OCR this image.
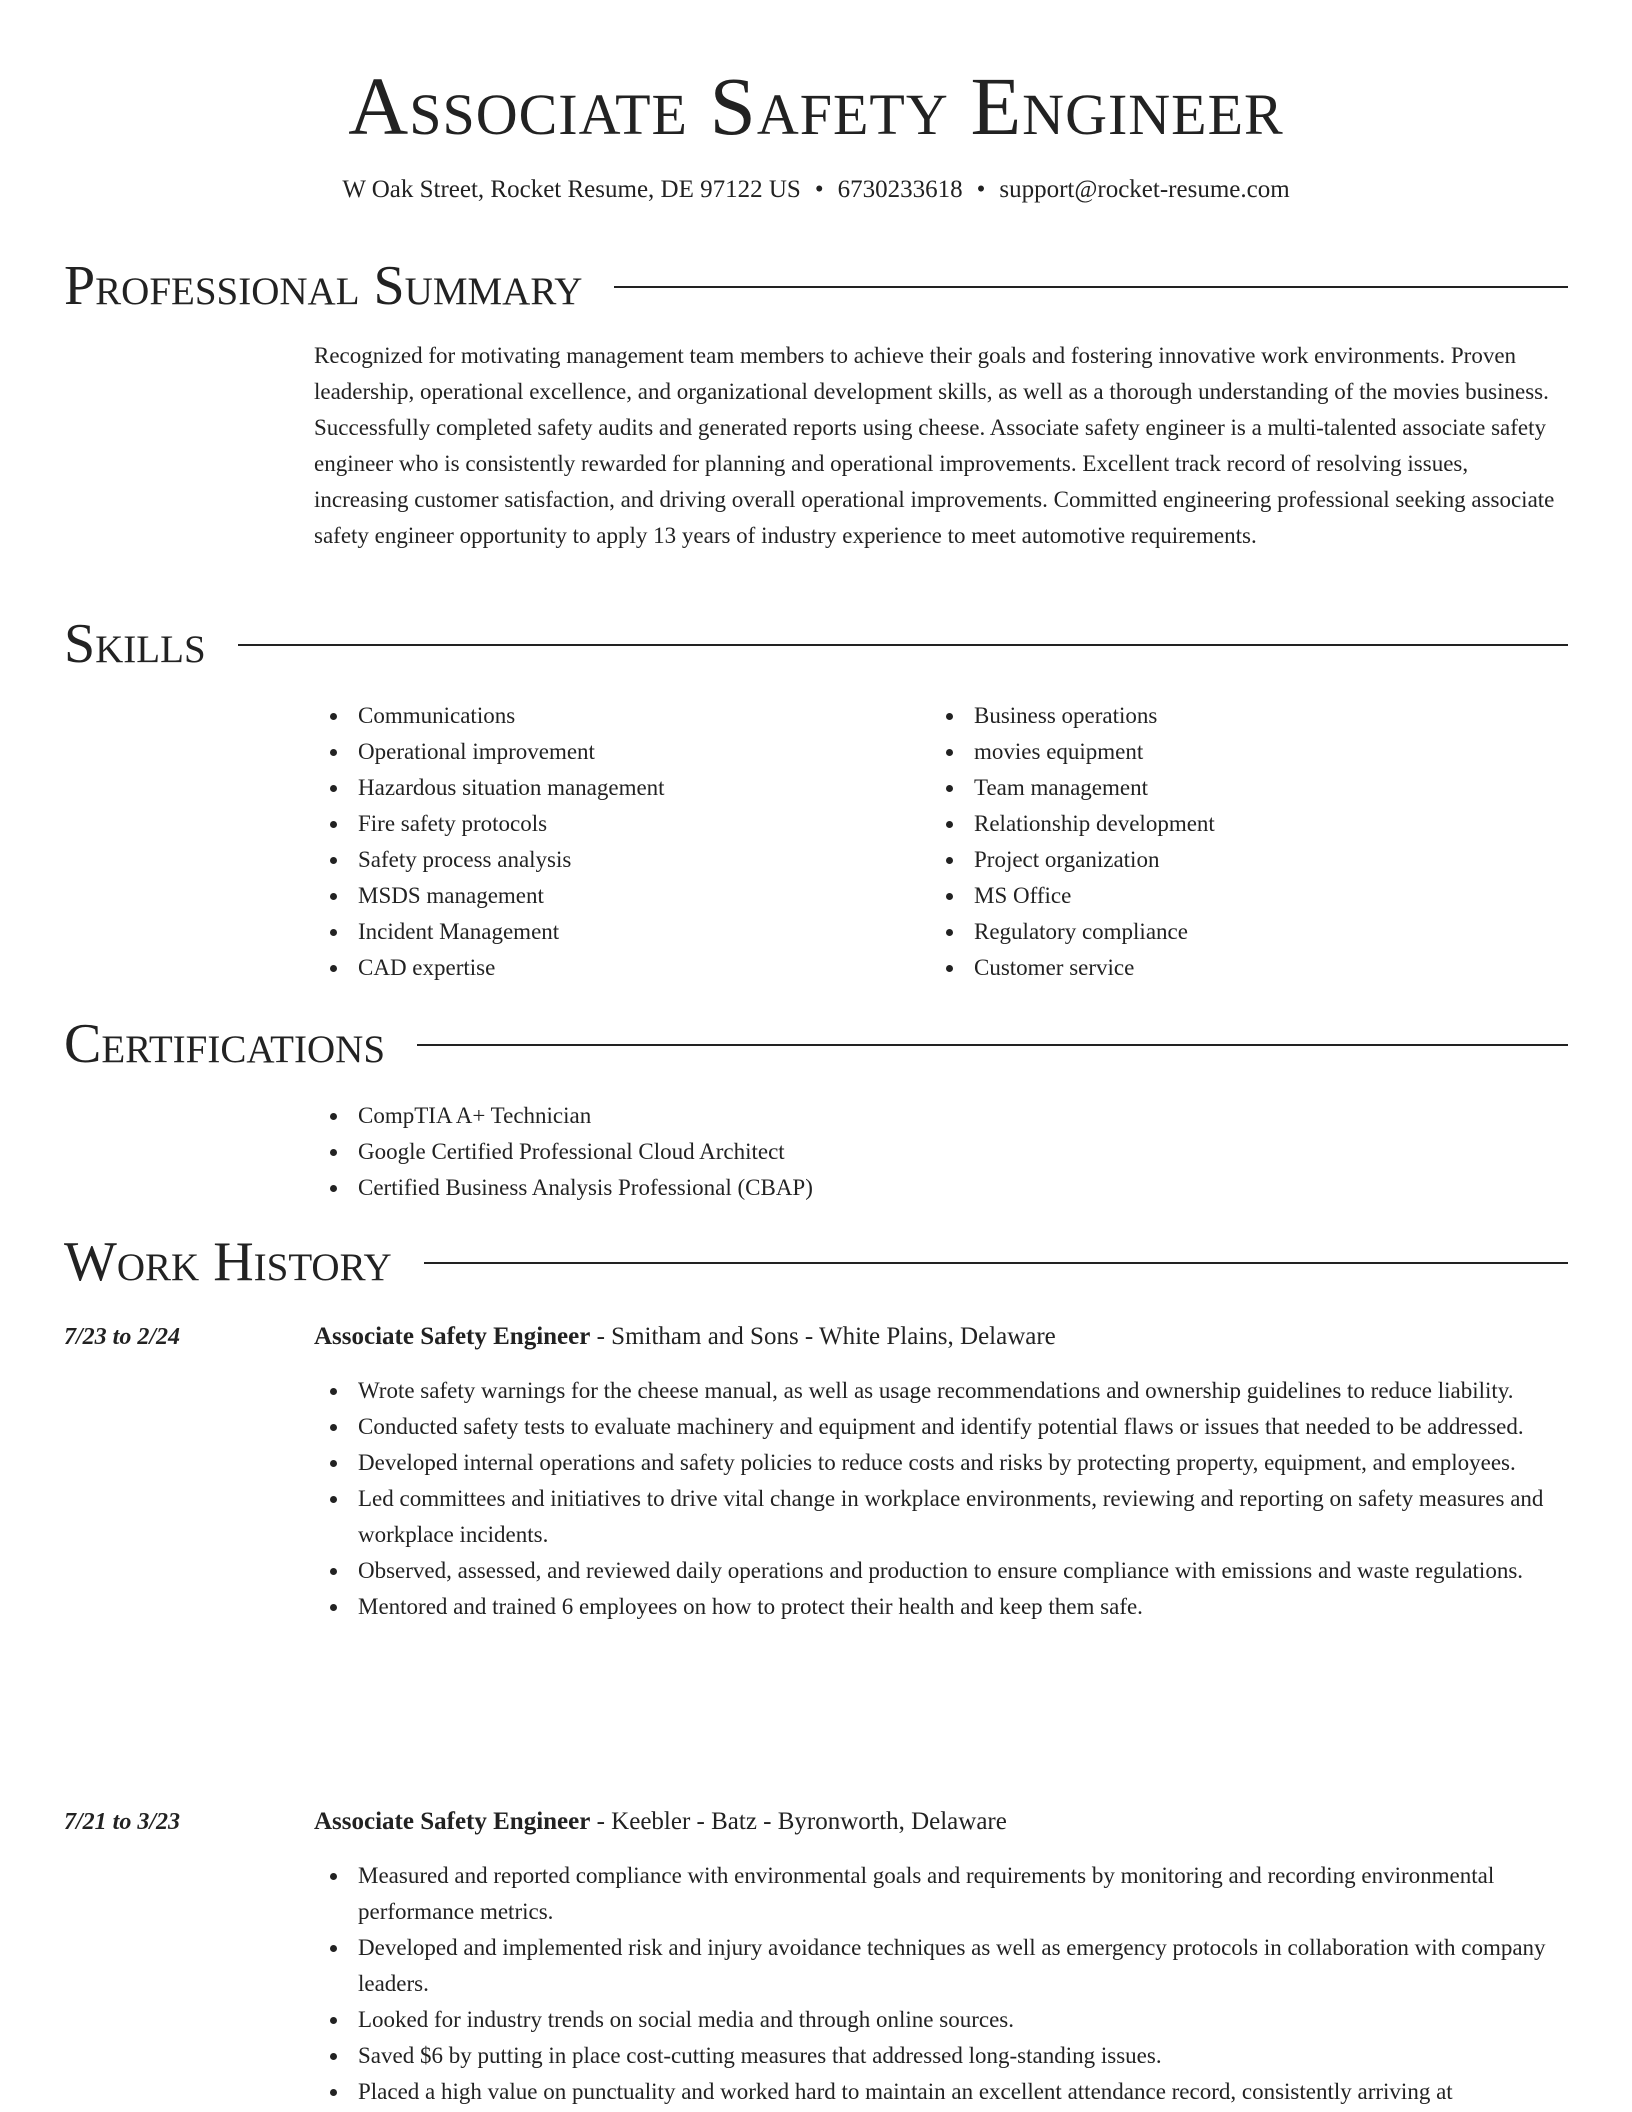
Associate Safety Engineer
W Oak Street, Rocket Resume, DE 97122 US • 6730233618 • support@rocket-resume.com
Professional Summary

Recognized for motivating management team members to achieve their goals and fostering innovative work environments. Proven leadership, operational excellence, and organizational development skills, as well as a thorough understanding of the movies business. Successfully completed safety audits and generated reports using cheese. Associate safety engineer is a multi-talented associate safety engineer who is consistently rewarded for planning and operational improvements. Excellent track record of resolving issues, increasing customer satisfaction, and driving overall operational improvements. Committed engineering professional seeking associate safety engineer opportunity to apply 13 years of industry experience to meet automotive requirements.

Skills
Communications
Operational improvement
Hazardous situation management
Fire safety protocols
Safety process analysis
MSDS management
Incident Management
CAD expertise
Business operations
movies equipment
Team management
Relationship development
Project organization
MS Office
Regulatory compliance
Customer service
Certifications
CompTIA A+ Technician
Google Certified Professional Cloud Architect
Certified Business Analysis Professional (CBAP)
Work History
7/23 to 2/24	Associate Safety Engineer - Smitham and Sons - White Plains, Delaware
Wrote safety warnings for the cheese manual, as well as usage recommendations and ownership guidelines to reduce liability.
Conducted safety tests to evaluate machinery and equipment and identify potential flaws or issues that needed to be addressed.
Developed internal operations and safety policies to reduce costs and risks by protecting property, equipment, and employees.
Led committees and initiatives to drive vital change in workplace environments, reviewing and reporting on safety measures and workplace incidents.
Observed, assessed, and reviewed daily operations and production to ensure compliance with emissions and waste regulations.
Mentored and trained 6 employees on how to protect their health and keep them safe.
7/21 to 3/23	Associate Safety Engineer - Keebler - Batz - Byronworth, Delaware
Measured and reported compliance with environmental goals and requirements by monitoring and recording environmental performance metrics.
Developed and implemented risk and injury avoidance techniques as well as emergency protocols in collaboration with company leaders.
Looked for industry trends on social media and through online sources.
Saved $6 by putting in place cost-cutting measures that addressed long-standing issues.
Placed a high value on punctuality and worked hard to maintain an excellent attendance record, consistently arriving at
